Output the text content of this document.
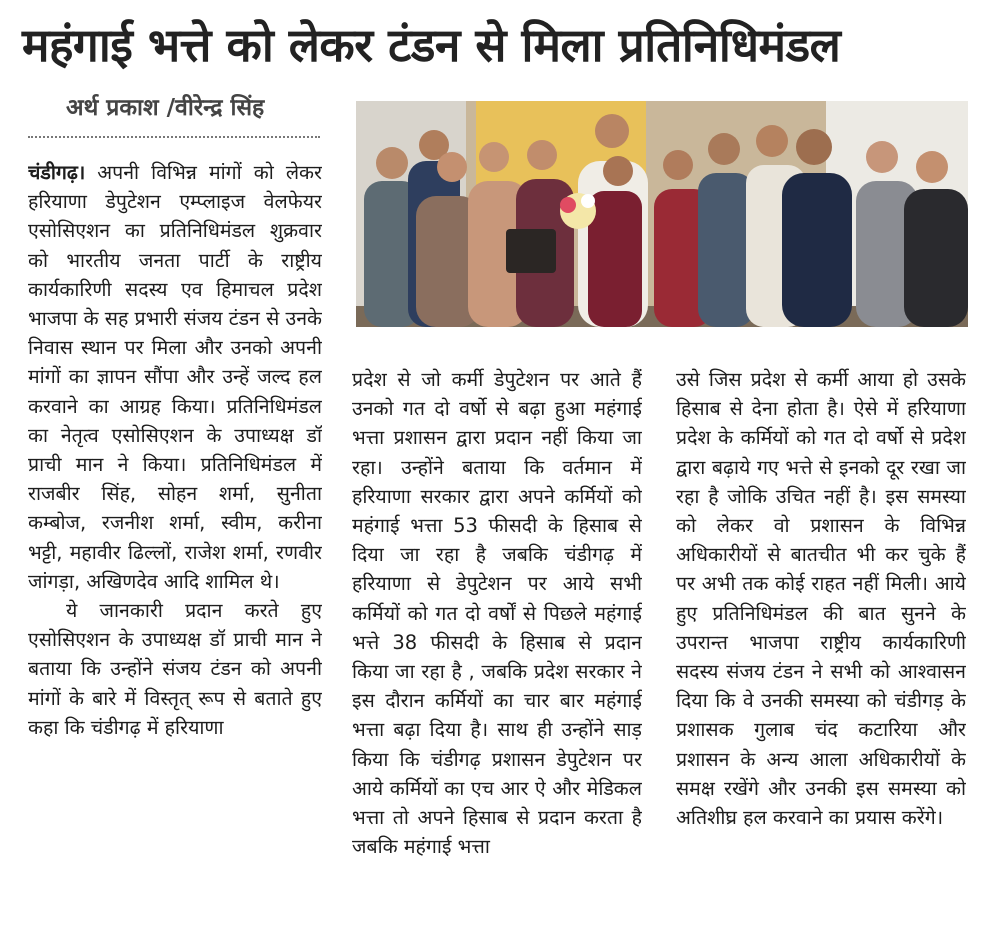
महंगाई भत्ते को लेकर टंडन से मिला प्रतिनिधिमंडल
अर्थ प्रकाश /वीरेन्द्र सिंह

चंडीगढ़। अपनी विभिन्न मांगों को लेकर हरियाणा डेपुटेशन एम्प्लाइज वेलफेयर एसोसिएशन का प्रतिनिधिमंडल शुक्रवार को भारतीय जनता पार्टी के राष्ट्रीय कार्यकारिणी सदस्य एव हिमाचल प्रदेश भाजपा के सह प्रभारी संजय टंडन से उनके निवास स्थान पर मिला और उनको अपनी मांगों का ज्ञापन सौंपा और उन्हें जल्द हल करवाने का आग्रह किया। प्रतिनिधिमंडल का नेतृत्व एसोसिएशन के उपाध्यक्ष डॉ प्राची मान ने किया। प्रतिनिधिमंडल में राजबीर सिंह, सोहन शर्मा, सुनीता कम्बोज, रजनीश शर्मा, स्वीम, करीना भट्टी, महावीर ढिल्लों, राजेश शर्मा, रणवीर जांगड़ा, अखिणदेव आदि शामिल थे।

ये जानकारी प्रदान करते हुए एसोसिएशन के उपाध्यक्ष डॉ प्राची मान ने बताया कि उन्होंने संजय टंडन को अपनी मांगों के बारे में विस्तृत् रूप से बताते हुए कहा कि चंडीगढ़ में हरियाणा

प्रदेश से जो कर्मी डेपुटेशन पर आते हैं उनको गत दो वर्षो से बढ़ा हुआ महंगाई भत्ता प्रशासन द्वारा प्रदान नहीं किया जा रहा। उन्होंने बताया कि वर्तमान में हरियाणा सरकार द्वारा अपने कर्मियों को महंगाई भत्ता 53 फीसदी के हिसाब से दिया जा रहा है जबकि चंडीगढ़ में हरियाणा से डेपुटेशन पर आये सभी कर्मियों को गत दो वर्षों से पिछले महंगाई भत्ते 38 फीसदी के हिसाब से प्रदान किया जा रहा है , जबकि प्रदेश सरकार ने इस दौरान कर्मियों का चार बार महंगाई भत्ता बढ़ा दिया है। साथ ही उन्होंने साड़ किया कि चंडीगढ़ प्रशासन डेपुटेशन पर आये कर्मियों का एच आर ऐ और मेडिकल भत्ता तो अपने हिसाब से प्रदान करता है जबकि महंगाई भत्ता

उसे जिस प्रदेश से कर्मी आया हो उसके हिसाब से देना होता है। ऐसे में हरियाणा प्रदेश के कर्मियों को गत दो वर्षो से प्रदेश द्वारा बढ़ाये गए भत्ते से इनको दूर रखा जा रहा है जोकि उचित नहीं है। इस समस्या को लेकर वो प्रशासन के विभिन्न अधिकारीयों से बातचीत भी कर चुके हैं पर अभी तक कोई राहत नहीं मिली। आये हुए प्रतिनिधिमंडल की बात सुनने के उपरान्त भाजपा राष्ट्रीय कार्यकारिणी सदस्य संजय टंडन ने सभी को आश्वासन दिया कि वे उनकी समस्या को चंडीगड़ के प्रशासक गुलाब चंद कटारिया और प्रशासन के अन्य आला अधिकारीयों के समक्ष रखेंगे और उनकी इस समस्या को अतिशीघ्र हल करवाने का प्रयास करेंगे।
